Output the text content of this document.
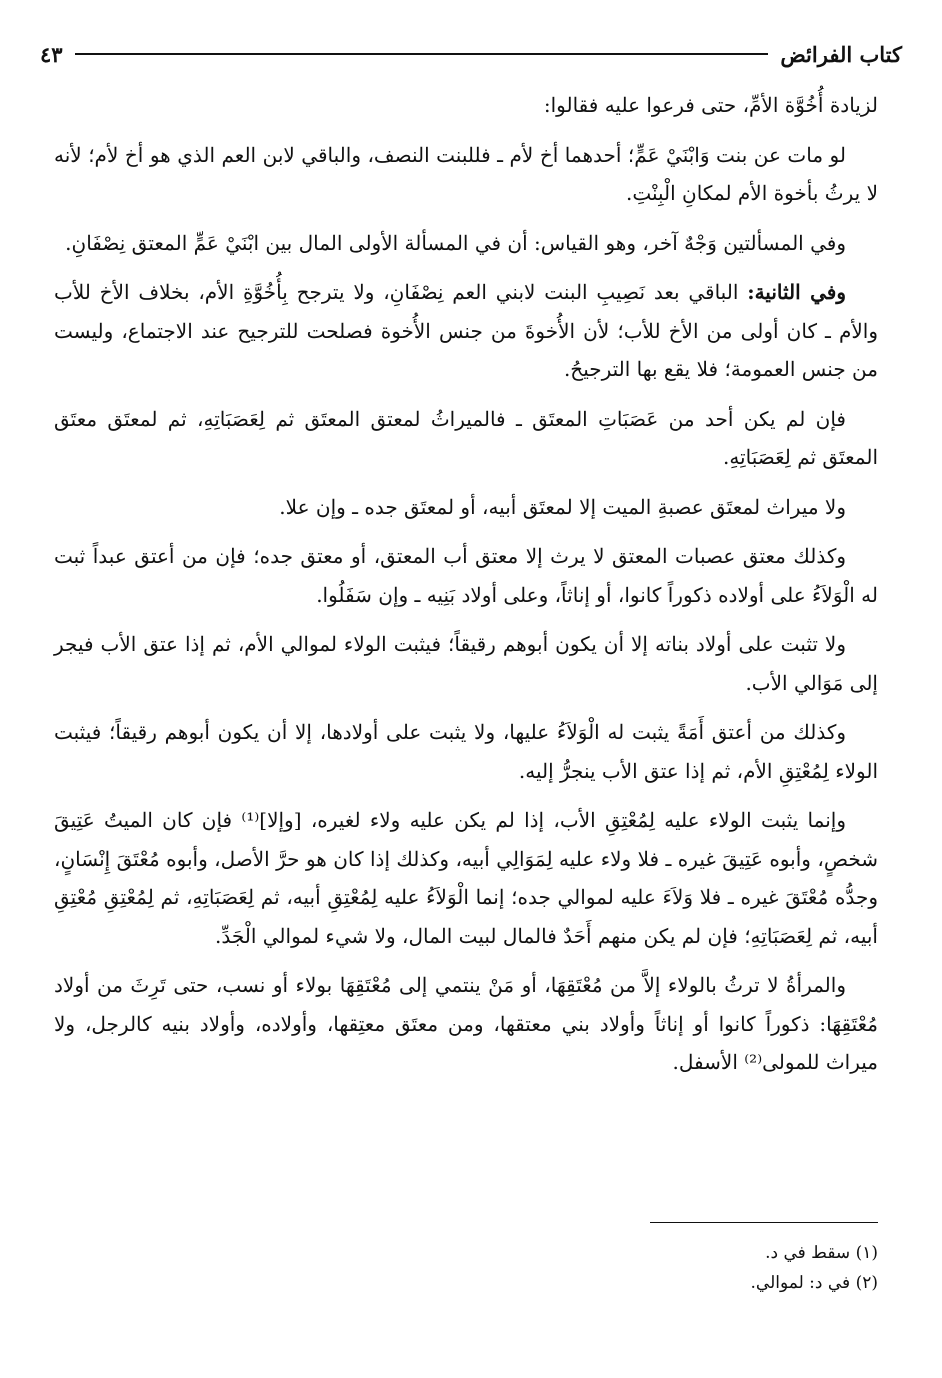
كتاب الفرائض
٤٣

لزيادة أُخُوَّة الأمِّ، حتى فرعوا عليه فقالوا:

لو مات عن بنت وَابْنَيْ عَمٍّ؛ أحدهما أخ لأم ـ فللبنت النصف، والباقي لابن العم الذي هو أخ لأم؛ لأنه لا يرثُ بأخوة الأم لمكانِ الْبِنْتِ.

وفي المسألتين وَجْهٌ آخر، وهو القياس: أن في المسألة الأولى المال بين ابْنَيْ عَمٍّ المعتق نِصْفَانِ.

وفي الثانية: الباقي بعد نَصِيبِ البنت لابني العم نِصْفَانِ، ولا يترجح بِأُخُوَّةِ الأم، بخلاف الأخ للأب والأم ـ كان أولى من الأخ للأب؛ لأن الأُخوةَ من جنس الأُخوة فصلحت للترجيح عند الاجتماع، وليست من جنس العمومة؛ فلا يقع بها الترجيحُ.

فإن لم يكن أحد من عَصَبَاتِ المعتَق ـ فالميراثُ لمعتق المعتَق ثم لِعَصَبَاتِهِ، ثم لمعتَق معتَق المعتَق ثم لِعَصَبَاتِهِ.

ولا ميراث لمعتَق عصبةِ الميت إلا لمعتَق أبيه، أو لمعتَق جده ـ وإن علا.

وكذلك معتق عصبات المعتق لا يرث إلا معتق أب المعتق، أو معتق جده؛ فإن من أعتق عبداً ثبت له الْوَلاَءُ على أولاده ذكوراً كانوا، أو إناثاً، وعلى أولاد بَنِيه ـ وإن سَفَلُوا.

ولا تثبت على أولاد بناته إلا أن يكون أبوهم رقيقاً؛ فيثبت الولاء لموالي الأم، ثم إذا عتق الأب فيجر إلى مَوَالي الأب.

وكذلك من أعتق أَمَةً يثبت له الْوَلاَءُ عليها، ولا يثبت على أولادها، إلا أن يكون أبوهم رقيقاً؛ فيثبت الولاء لِمُعْتِقِ الأم، ثم إذا عتق الأب ينجرُّ إليه.

وإنما يثبت الولاء عليه لِمُعْتِقِ الأب، إذا لم يكن عليه ولاء لغيره، [وإلا]⁽¹⁾ فإن كان الميتُ عَتِيقَ شخصٍ، وأبوه عَتِيقَ غيره ـ فلا ولاء عليه لِمَوَالِي أبيه، وكذلك إذا كان هو حرَّ الأصل، وأبوه مُعْتَقَ إِنْسَانٍ، وجدُّه مُعْتَقَ غيره ـ فلا وَلاَءَ عليه لموالي جده؛ إنما الْوَلاَءُ عليه لِمُعْتِقِ أبيه، ثم لِعَصَبَاتِهِ، ثم لِمُعْتِقِ مُعْتِقِ أبيه، ثم لِعَصَبَاتِهِ؛ فإن لم يكن منهم أَحَدٌ فالمال لبيت المال، ولا شيء لموالي الْجَدِّ.

والمرأةُ لا ترثُ بالولاء إلاَّ من مُعْتَقِهَا، أو مَنْ ينتمي إلى مُعْتَقِهَا بولاء أو نسب، حتى تَرِثَ من أولاد مُعْتَقِهَا: ذكوراً كانوا أو إناثاً وأولاد بني معتقها، ومن معتَق معتِقها، وأولاده، وأولاد بنيه كالرجل، ولا ميراث للمولى⁽²⁾ الأسفل.

(١) سقط في د.

(٢) في د: لموالي.
